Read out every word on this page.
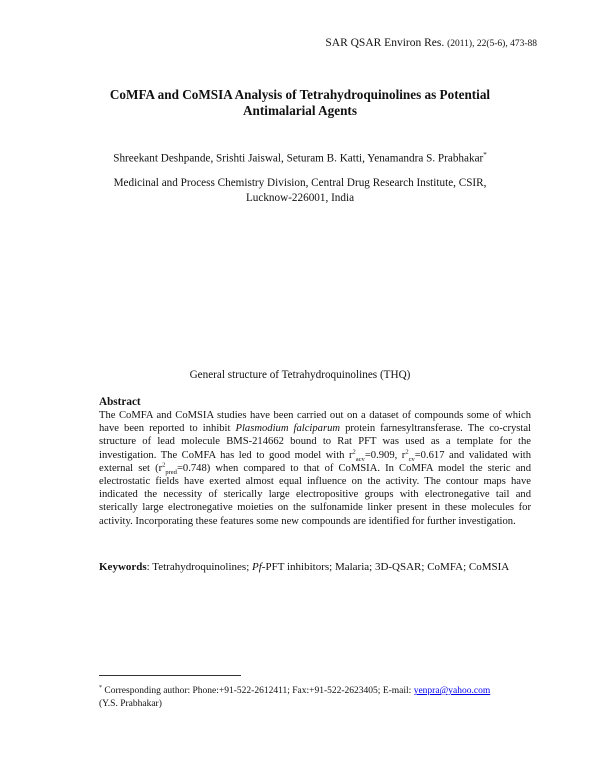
SAR QSAR Environ Res. (2011), 22(5-6), 473-88
CoMFA and CoMSIA Analysis of Tetrahydroquinolines as Potential
Antimalarial Agents
Shreekant Deshpande, Srishti Jaiswal, Seturam B. Katti, Yenamandra S. Prabhakar*
Medicinal and Process Chemistry Division, Central Drug Research Institute, CSIR,
Lucknow-226001, India
General structure of Tetrahydroquinolines (THQ)
Abstract
The CoMFA and CoMSIA studies have been carried out on a dataset of compounds some of which have been reported to inhibit Plasmodium falciparum protein farnesyltransferase. The co-crystal structure of lead molecule BMS-214662 bound to Rat PFT was used as a template for the investigation. The CoMFA has led to good model with $r^2_{acv}=0.909$, $r^2_{cv}=0.617$ and validated with external set $(r^2_{pred}=0.748)$ when compared to that of CoMSIA. In CoMFA model the steric and electrostatic fields have exerted almost equal influence on the activity. The contour maps have indicated the necessity of sterically large electropositive groups with electronegative tail and sterically large electronegative moieties on the sulfonamide linker present in these molecules for activity. Incorporating these features some new compounds are identified for further investigation.
Keywords: Tetrahydroquinolines; Pf-PFT inhibitors; Malaria; 3D-QSAR; CoMFA; CoMSIA
* Corresponding author: Phone:+91-522-2612411; Fax:+91-522-2623405; E-mail: yenpra@yahoo.com
(Y.S. Prabhakar)
